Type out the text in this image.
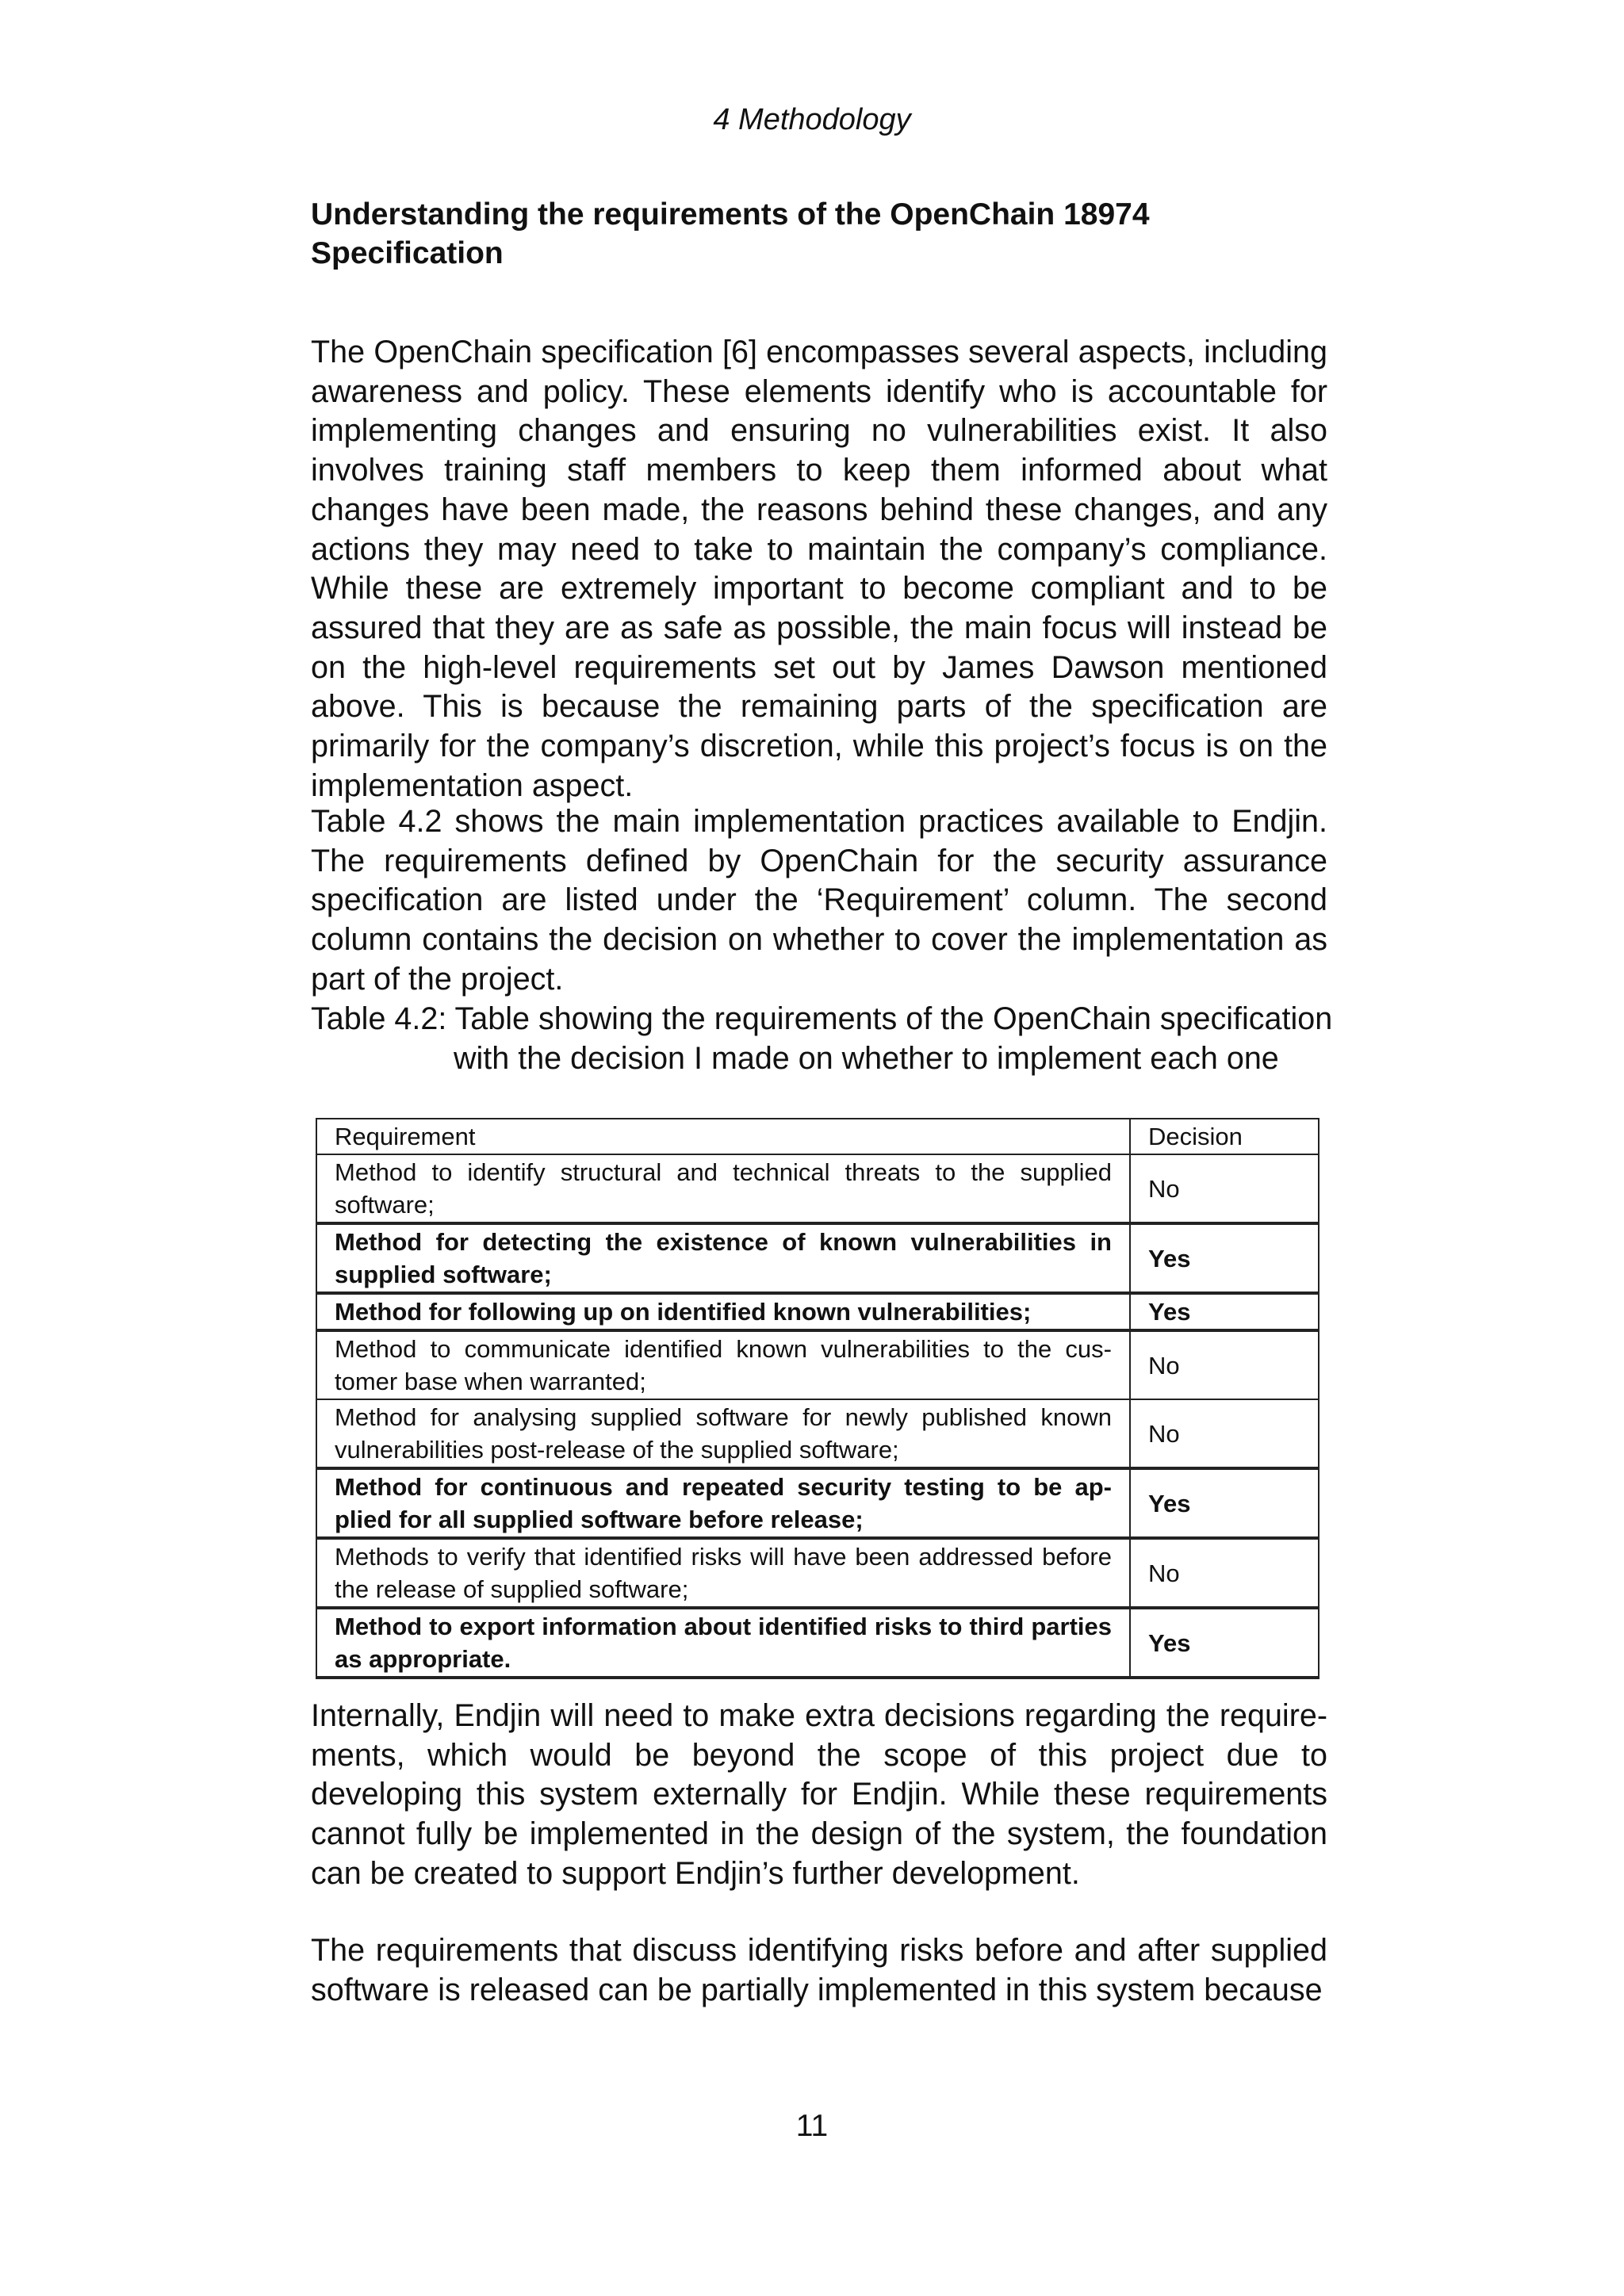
4 Methodology
Understanding the requirements of the OpenChain 18974 Specification
The OpenChain specification [6] encompasses several aspects, including awareness and policy. These elements identify who is accountable for implementing changes and ensuring no vulnerabilities exist. It also involves training staff members to keep them informed about what changes have been made, the reasons behind these changes, and any actions they may need to take to maintain the company’s compliance. While these are extremely important to become compliant and to be assured that they are as safe as possible, the main focus will instead be on the high-level requirements set out by James Dawson mentioned above. This is because the remaining parts of the specification are primarily for the company’s discretion, while this project’s focus is on the implementation aspect.
Table 4.2 shows the main implementation practices available to Endjin. The requirements defined by OpenChain for the security assurance specification are listed under the ‘Requirement’ column. The second column contains the decision on whether to cover the implementation as part of the project.
Table 4.2: Table showing the requirements of the OpenChain specification with the decision I made on whether to implement each one
Requirement	Decision
Method to identify structural and technical threats to the supplied software;	No
Method for detecting the existence of known vulnerabilities in supplied software;	Yes
Method for following up on identified known vulnerabilities;	Yes
Method to communicate identified known vulnerabilities to the cus-tomer base when warranted;	No
Method for analysing supplied software for newly published known vulnerabilities post-release of the supplied software;	No
Method for continuous and repeated security testing to be ap-plied for all supplied software before release;	Yes
Methods to verify that identified risks will have been addressed before the release of supplied software;	No
Method to export information about identified risks to third parties as appropriate.	Yes
Internally, Endjin will need to make extra decisions regarding the require-ments, which would be beyond the scope of this project due to developing this system externally for Endjin. While these requirements cannot fully be implemented in the design of the system, the foundation can be created to support Endjin’s further development.
The requirements that discuss identifying risks before and after supplied software is released can be partially implemented in this system because
11
